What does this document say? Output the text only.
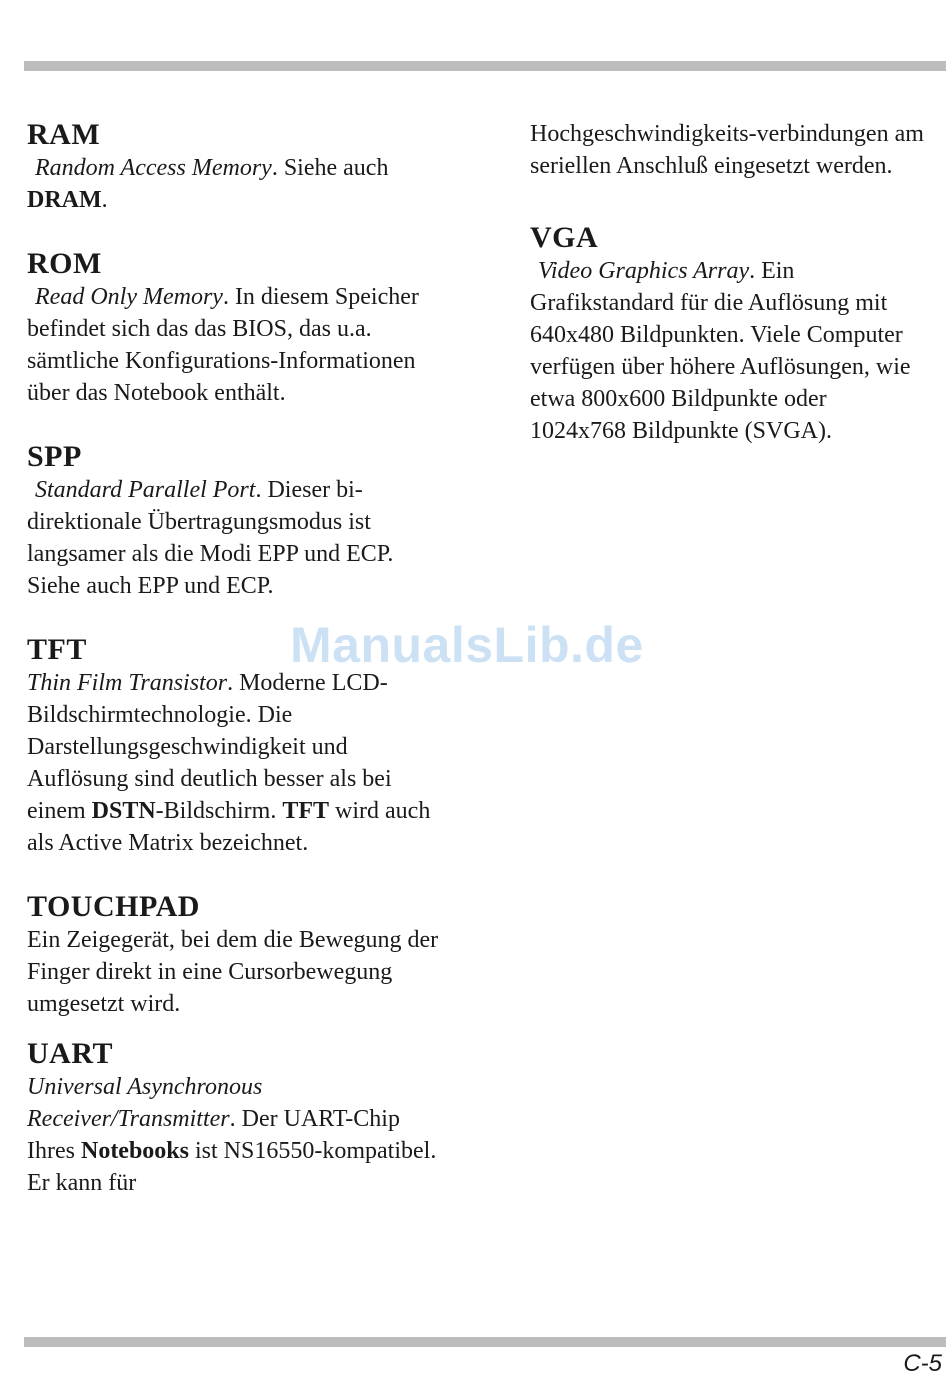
RAM

Random Access Memory. Siehe auch
DRAM.

ROM

Read Only Memory. In diesem Speicher befindet sich das das BIOS, das u.a. sämtliche Konfigurations-Informationen über das Notebook enthält.

SPP

Standard Parallel Port. Dieser bi-direktionale Übertragungsmodus ist langsamer als die Modi EPP und ECP. Siehe auch EPP und ECP.

TFT

Thin Film Transistor. Moderne LCD-Bildschirmtechnologie. Die Darstellungsgeschwindigkeit und Auflösung sind deutlich besser als bei einem DSTN-Bildschirm. TFT wird auch als Active Matrix bezeichnet.

TOUCHPAD

Ein Zeigegerät, bei dem die Bewegung der Finger direkt in eine Cursorbewegung umgesetzt wird.

UART

Universal Asynchronous Receiver/Transmitter. Der UART-Chip Ihres Notebooks ist NS16550-kompatibel. Er kann für

Hochgeschwindigkeits-verbindungen am seriellen Anschluß eingesetzt werden.

VGA

Video Graphics Array. Ein Grafikstandard für die Auflösung mit 640x480 Bildpunkten. Viele Computer verfügen über höhere Auflösungen, wie etwa 800x600 Bildpunkte oder 1024x768 Bildpunkte (SVGA).

ManualsLib.de
C-5
